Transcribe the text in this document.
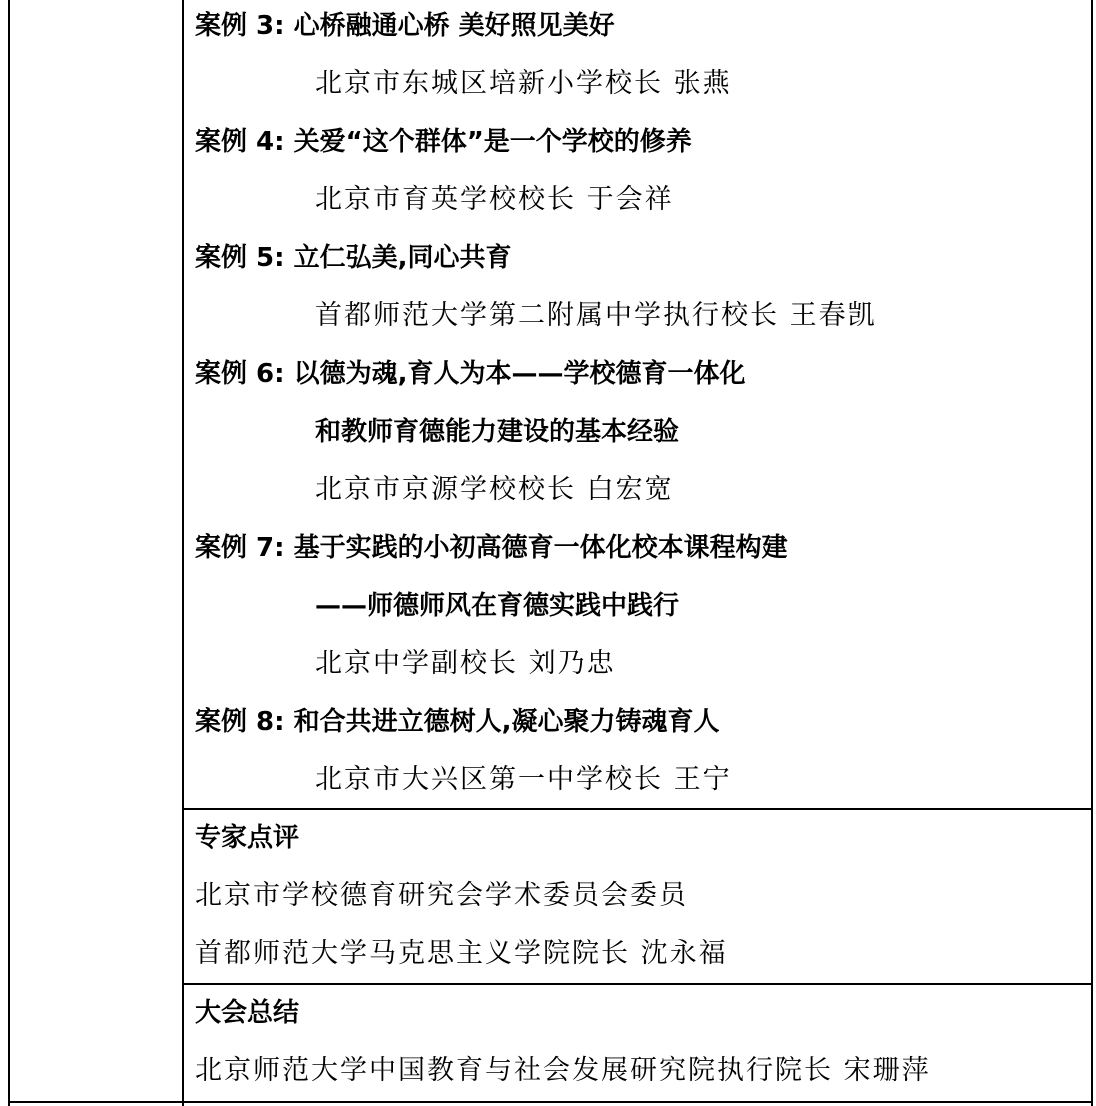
案例 3: 心桥融通心桥 美好照见美好
北京市东城区培新小学校长 张燕
案例 4: 关爱“这个群体”是一个学校的修养
北京市育英学校校长 于会祥
案例 5: 立仁弘美,同心共育
首都师范大学第二附属中学执行校长 王春凯
案例 6: 以德为魂,育人为本——学校德育一体化
和教师育德能力建设的基本经验
北京市京源学校校长 白宏宽
案例 7: 基于实践的小初高德育一体化校本课程构建
——师德师风在育德实践中践行
北京中学副校长 刘乃忠
案例 8: 和合共进立德树人,凝心聚力铸魂育人
北京市大兴区第一中学校长 王宁
专家点评
北京市学校德育研究会学术委员会委员
首都师范大学马克思主义学院院长 沈永福
大会总结
北京师范大学中国教育与社会发展研究院执行院长 宋珊萍
